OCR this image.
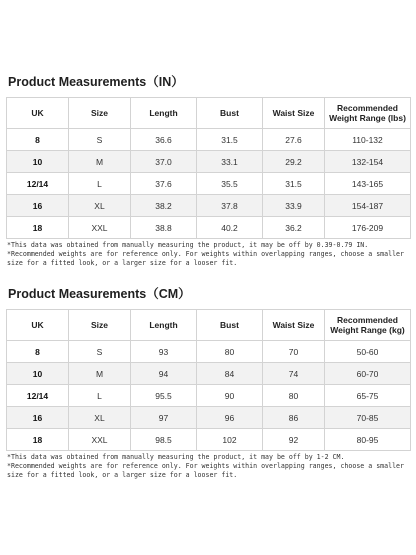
Product Measurements（IN）
UK	Size	Length	Bust	Waist Size	Recommended Weight Range (lbs)
8	S	36.6	31.5	27.6	110-132
10	M	37.0	33.1	29.2	132-154
12/14	L	37.6	35.5	31.5	143-165
16	XL	38.2	37.8	33.9	154-187
18	XXL	38.8	40.2	36.2	176-209

*This data was obtained from manually measuring the product, it may be off by 0.39-0.79 IN.

*Recommended weights are for reference only. For weights within overlapping ranges, choose a smaller size for a fitted look, or a larger size for a looser fit.

Product Measurements（CM）
UK	Size	Length	Bust	Waist Size	Recommended Weight Range (kg)
8	S	93	80	70	50-60
10	M	94	84	74	60-70
12/14	L	95.5	90	80	65-75
16	XL	97	96	86	70-85
18	XXL	98.5	102	92	80-95

*This data was obtained from manually measuring the product, it may be off by 1-2 CM.

*Recommended weights are for reference only. For weights within overlapping ranges, choose a smaller size for a fitted look, or a larger size for a looser fit.
